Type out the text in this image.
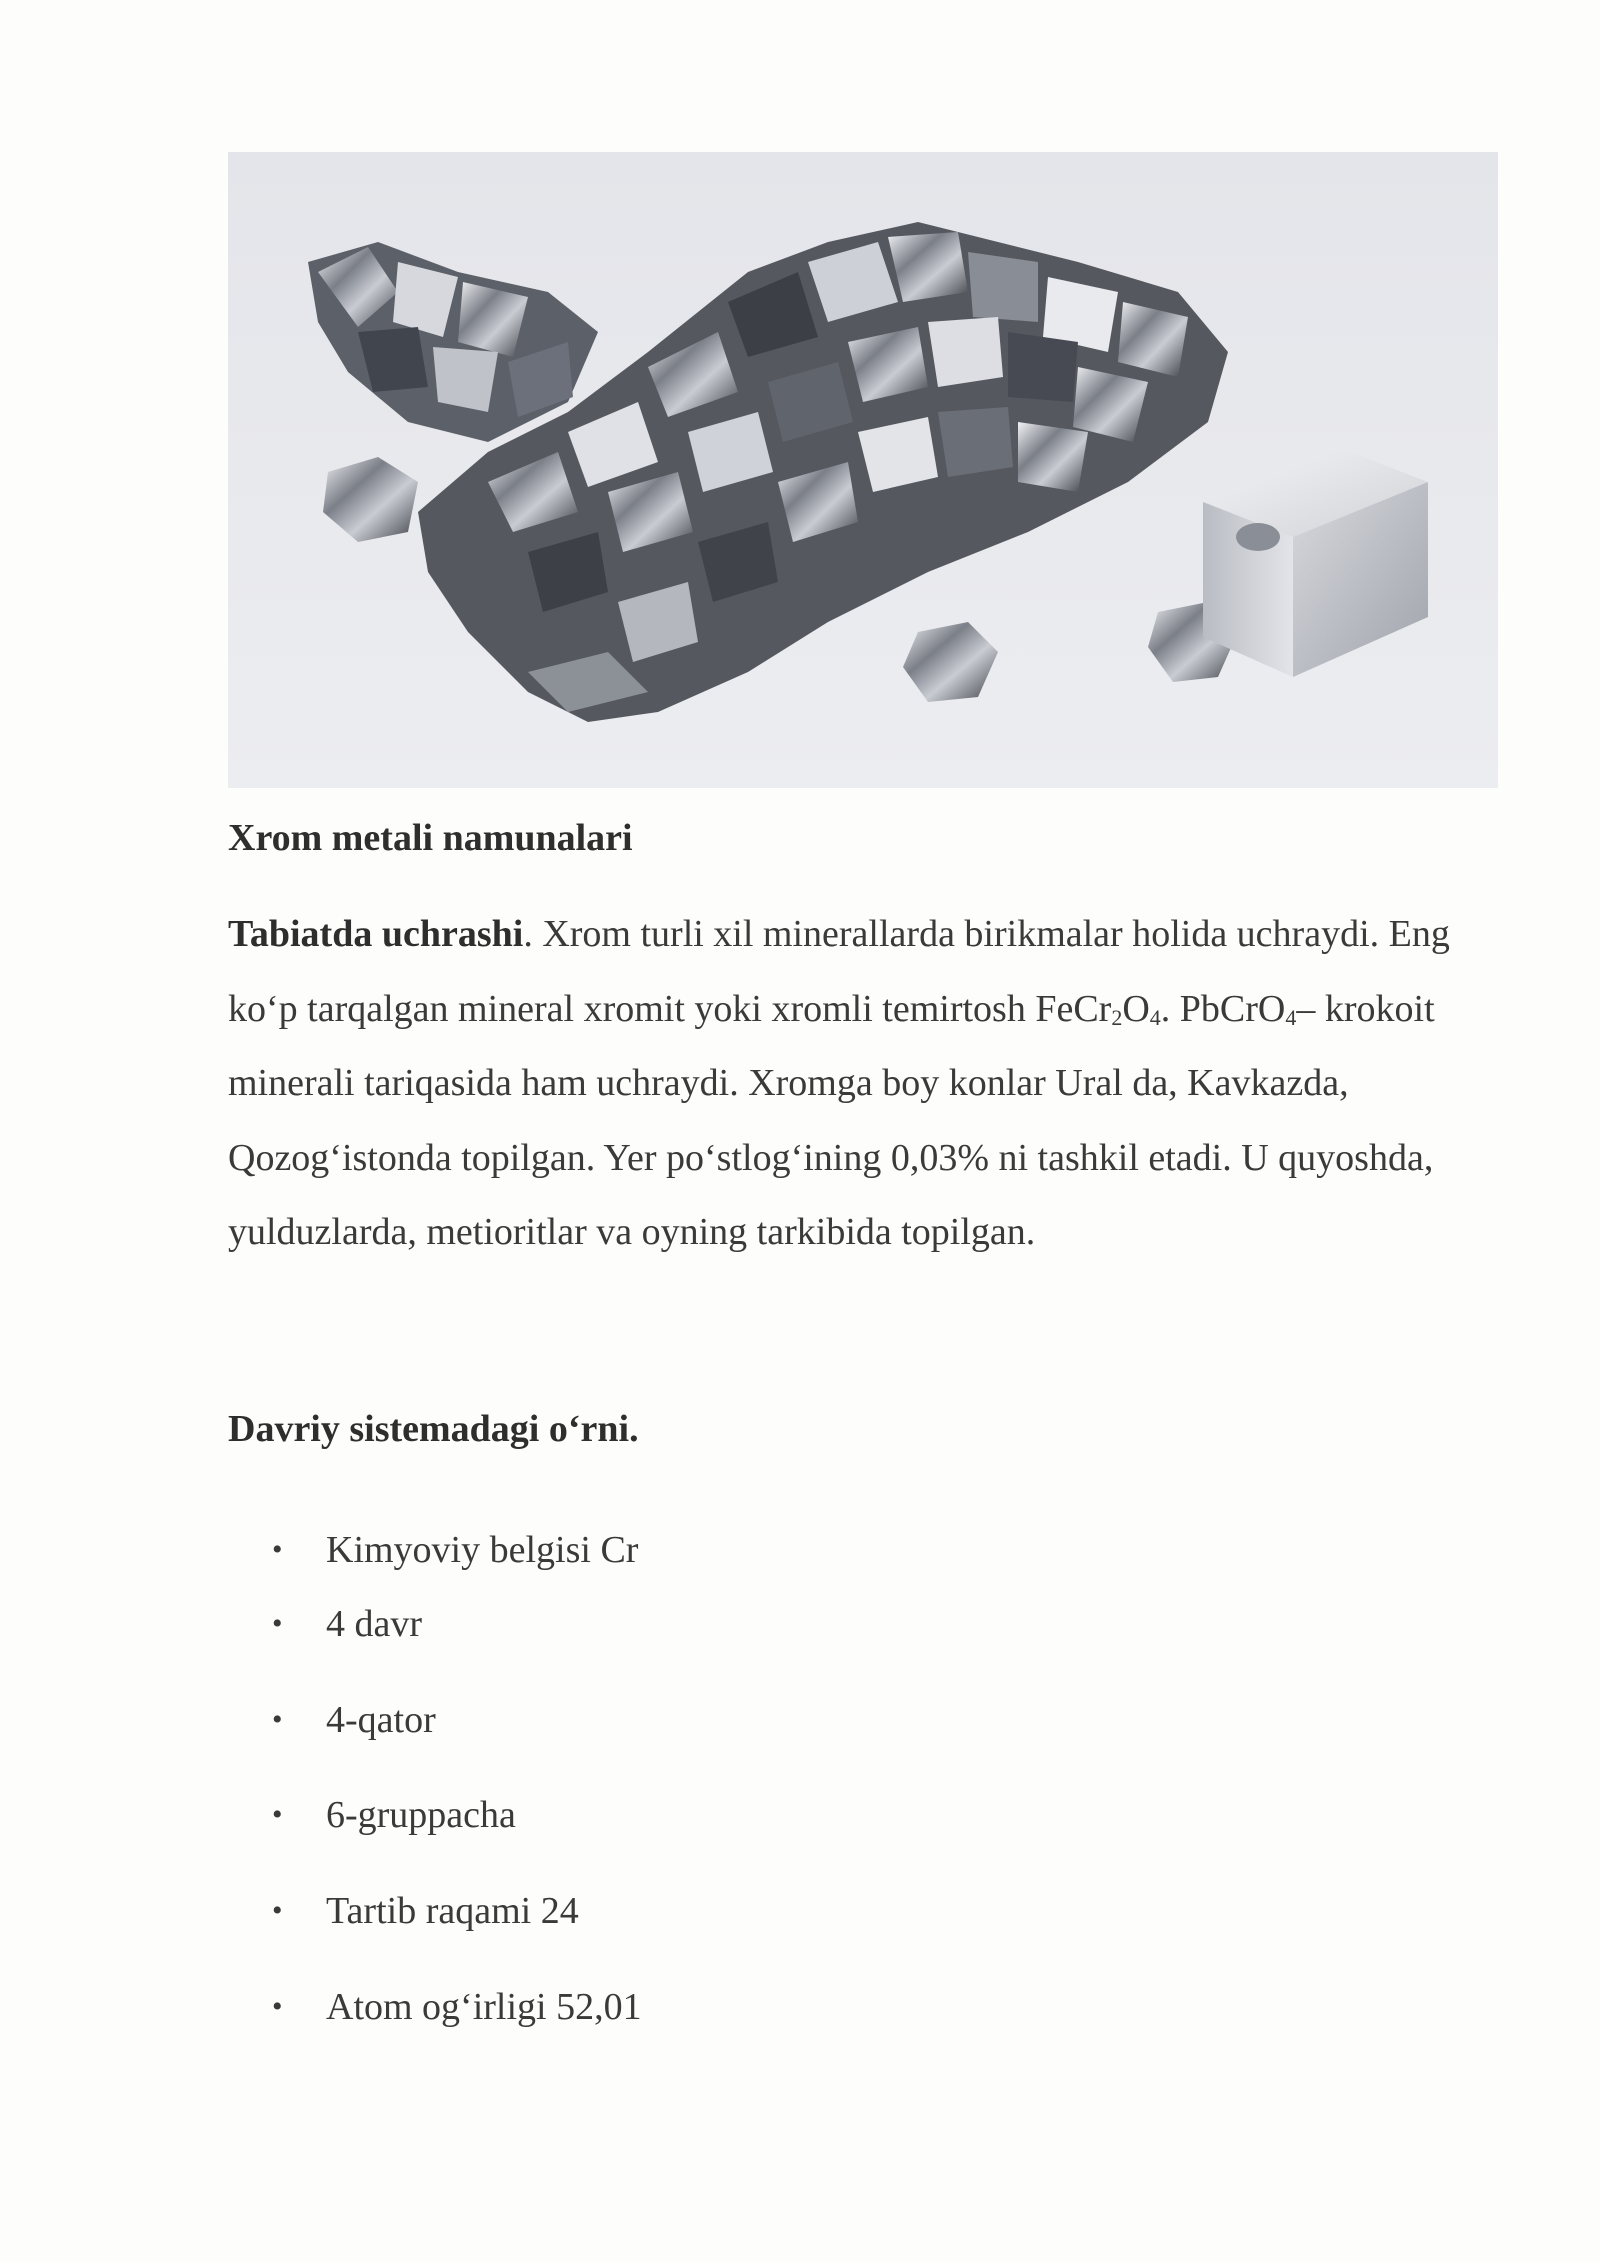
Xrom metali namunalari

Tabiatda uchrashi. Xrom turli xil minerallarda birikmalar holida uchraydi. Eng ko‘p tarqalgan mineral xromit yoki xromli temirtosh $FeCr_2O_4$. PbCrO$_4$– krokoit minerali tariqasida ham uchraydi. Xromga boy konlar Ural da, Kavkazda, Qozog‘istonda topilgan. Yer po‘stlog‘ining 0,03% ni tashkil etadi. U quyoshda, yulduzlarda, metioritlar va oyning tarkibida topilgan.

Davriy sistemadagi o‘rni.

• Kimyoviy belgisi Cr
• 4 davr
• 4-qator
• 6-gruppacha
• Tartib raqami 24
• Atom og‘irligi 52,01
